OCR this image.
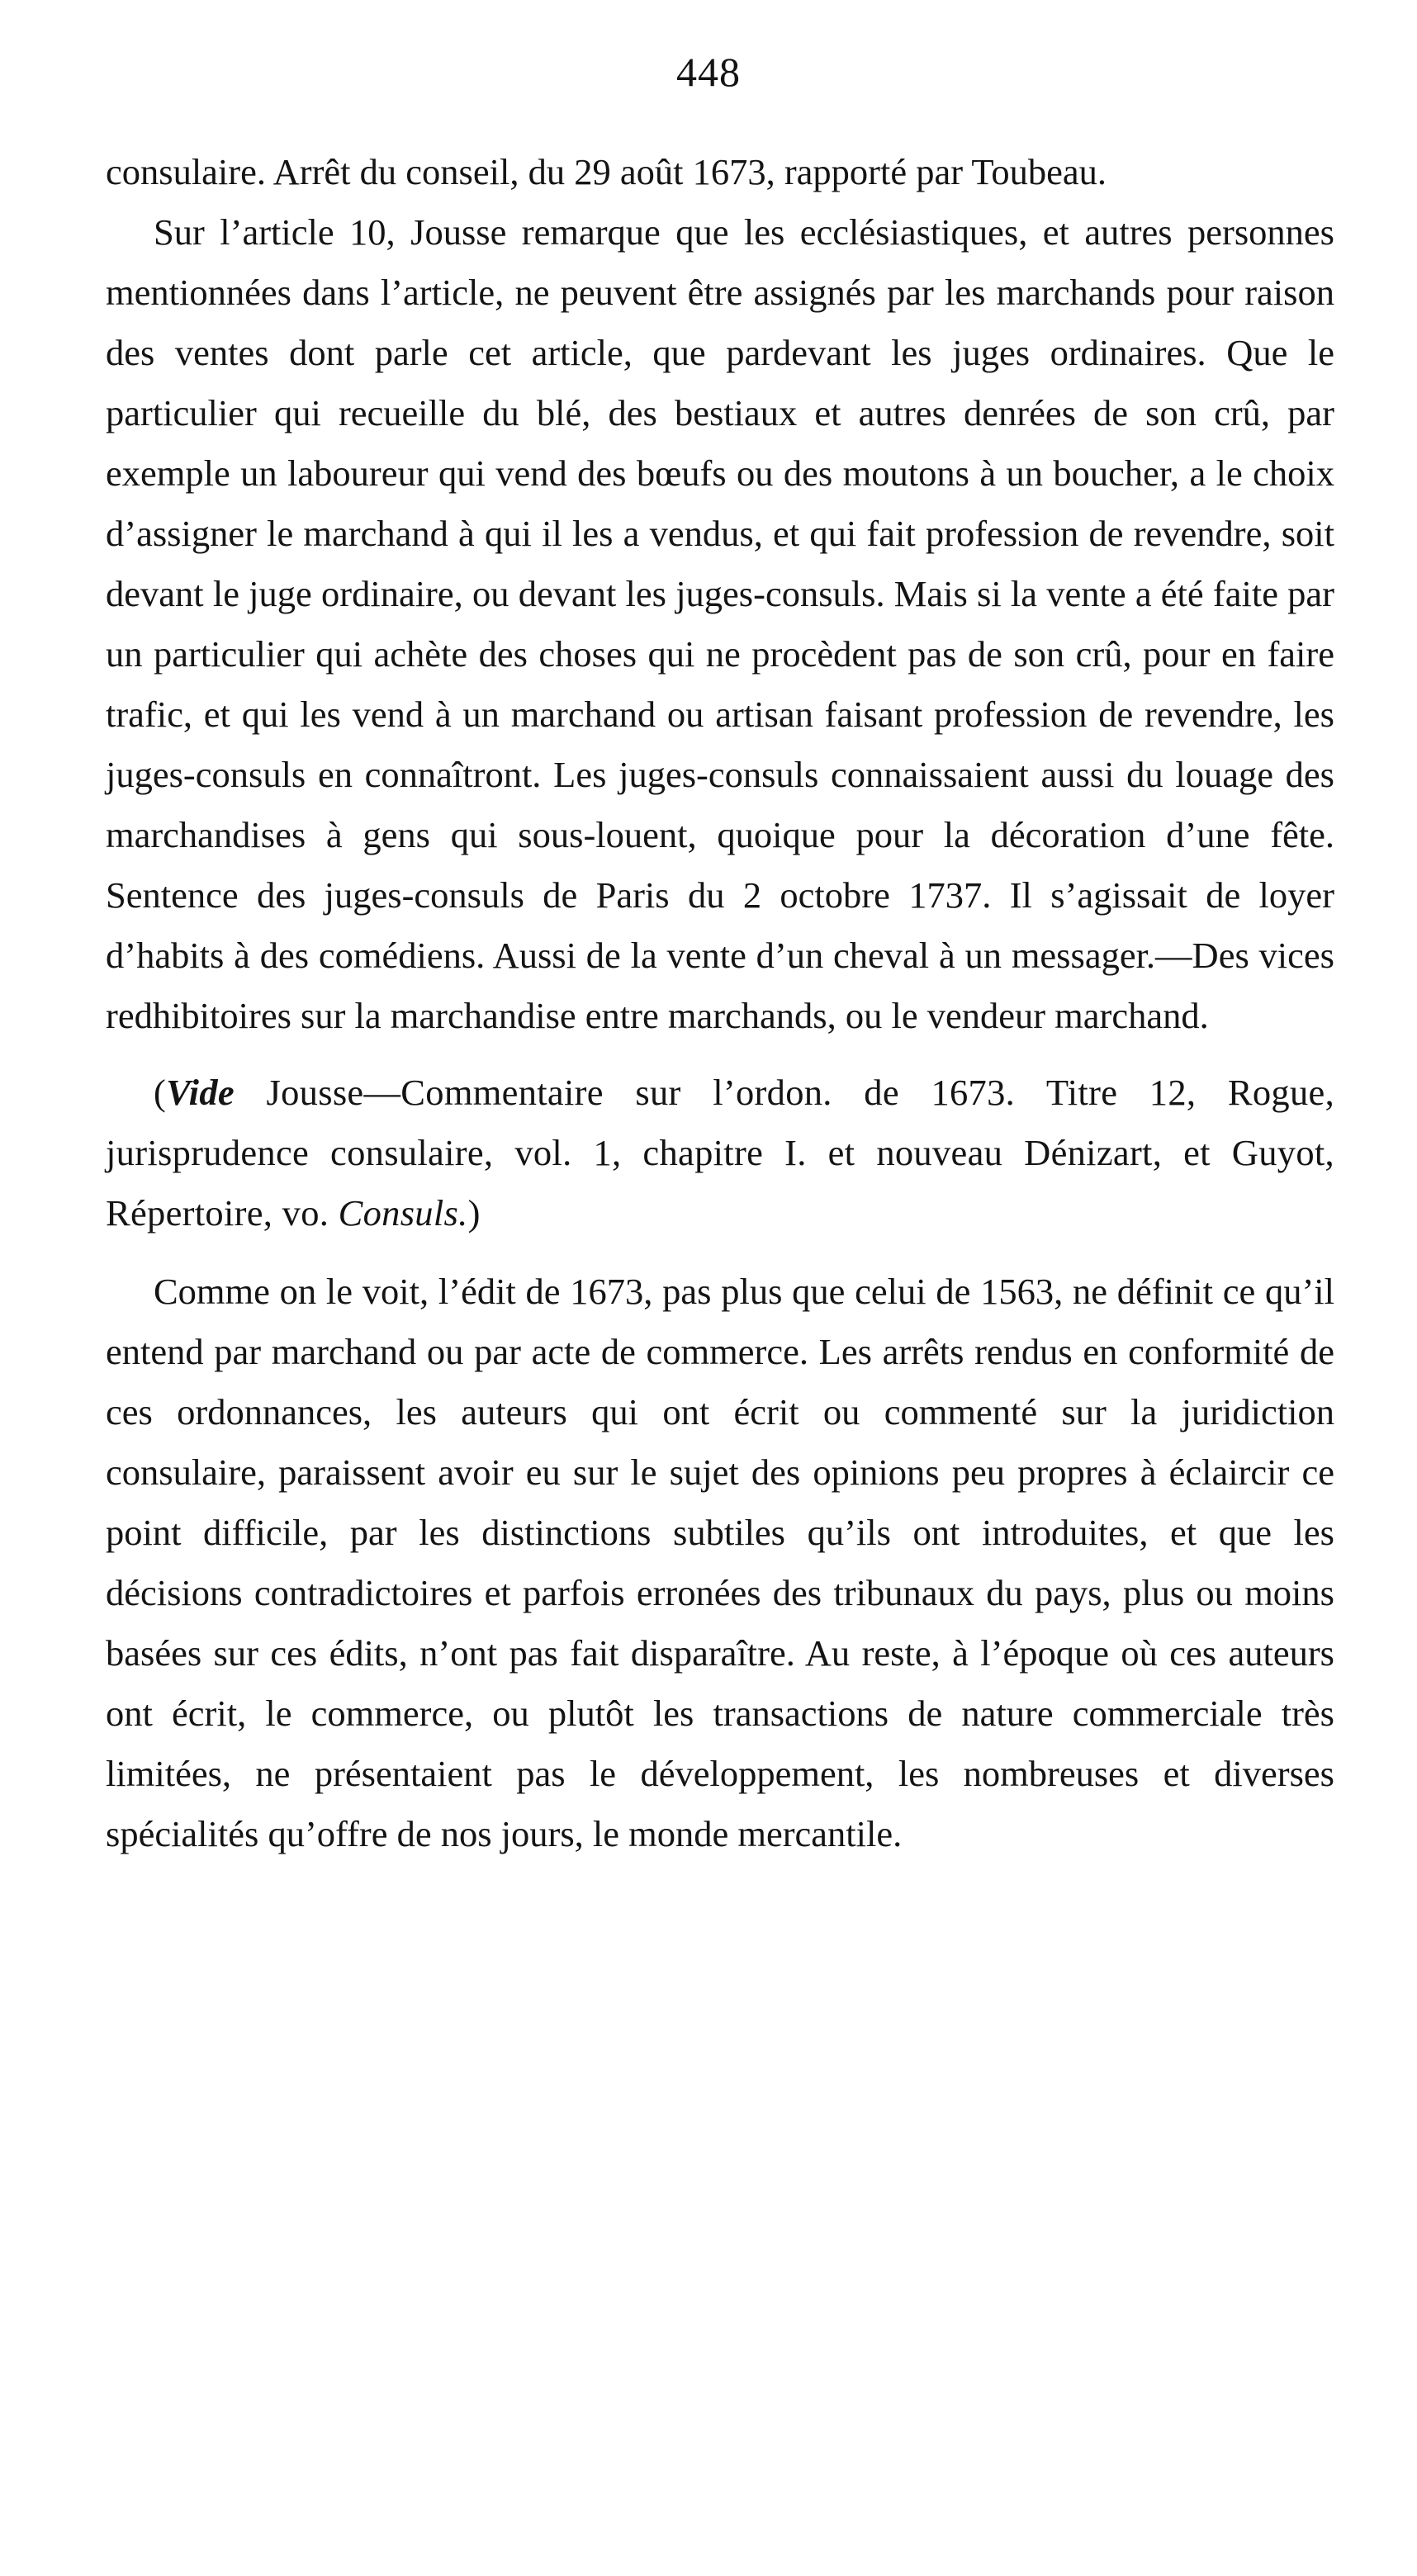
448

consulaire. Arrêt du conseil, du 29 août 1673, rapporté par Toubeau.

Sur l’article 10, Jousse remarque que les ecclésiastiques, et autres personnes mentionnées dans l’article, ne peuvent être assignés par les marchands pour raison des ventes dont parle cet article, que pardevant les juges ordinaires. Que le particulier qui recueille du blé, des bestiaux et autres denrées de son crû, par exemple un laboureur qui vend des bœufs ou des moutons à un boucher, a le choix d’assigner le marchand à qui il les a vendus, et qui fait profession de revendre, soit devant le juge ordinaire, ou devant les juges-consuls. Mais si la vente a été faite par un particulier qui achète des choses qui ne procèdent pas de son crû, pour en faire trafic, et qui les vend à un marchand ou artisan faisant profession de revendre, les juges-consuls en connaîtront. Les juges-consuls connaissaient aussi du louage des marchandises à gens qui sous-louent, quoique pour la décoration d’une fête. Sentence des juges-consuls de Paris du 2 octobre 1737. Il s’agissait de loyer d’habits à des comédiens. Aussi de la vente d’un cheval à un messager.—Des vices redhibitoires sur la marchandise entre marchands, ou le vendeur marchand.

(Vide Jousse—Commentaire sur l’ordon. de 1673. Titre 12, Rogue, jurisprudence consulaire, vol. 1, chapitre I. et nouveau Dénizart, et Guyot, Répertoire, vo. Consuls.)

Comme on le voit, l’édit de 1673, pas plus que celui de 1563, ne définit ce qu’il entend par marchand ou par acte de commerce. Les arrêts rendus en conformité de ces ordonnances, les auteurs qui ont écrit ou commenté sur la juridiction consulaire, paraissent avoir eu sur le sujet des opinions peu propres à éclaircir ce point difficile, par les distinctions subtiles qu’ils ont introduites, et que les décisions contradictoires et parfois erronées des tribunaux du pays, plus ou moins basées sur ces édits, n’ont pas fait disparaître. Au reste, à l’époque où ces auteurs ont écrit, le commerce, ou plutôt les transactions de nature commerciale très limitées, ne présentaient pas le développement, les nombreuses et diverses spécialités qu’offre de nos jours, le monde mercantile.
